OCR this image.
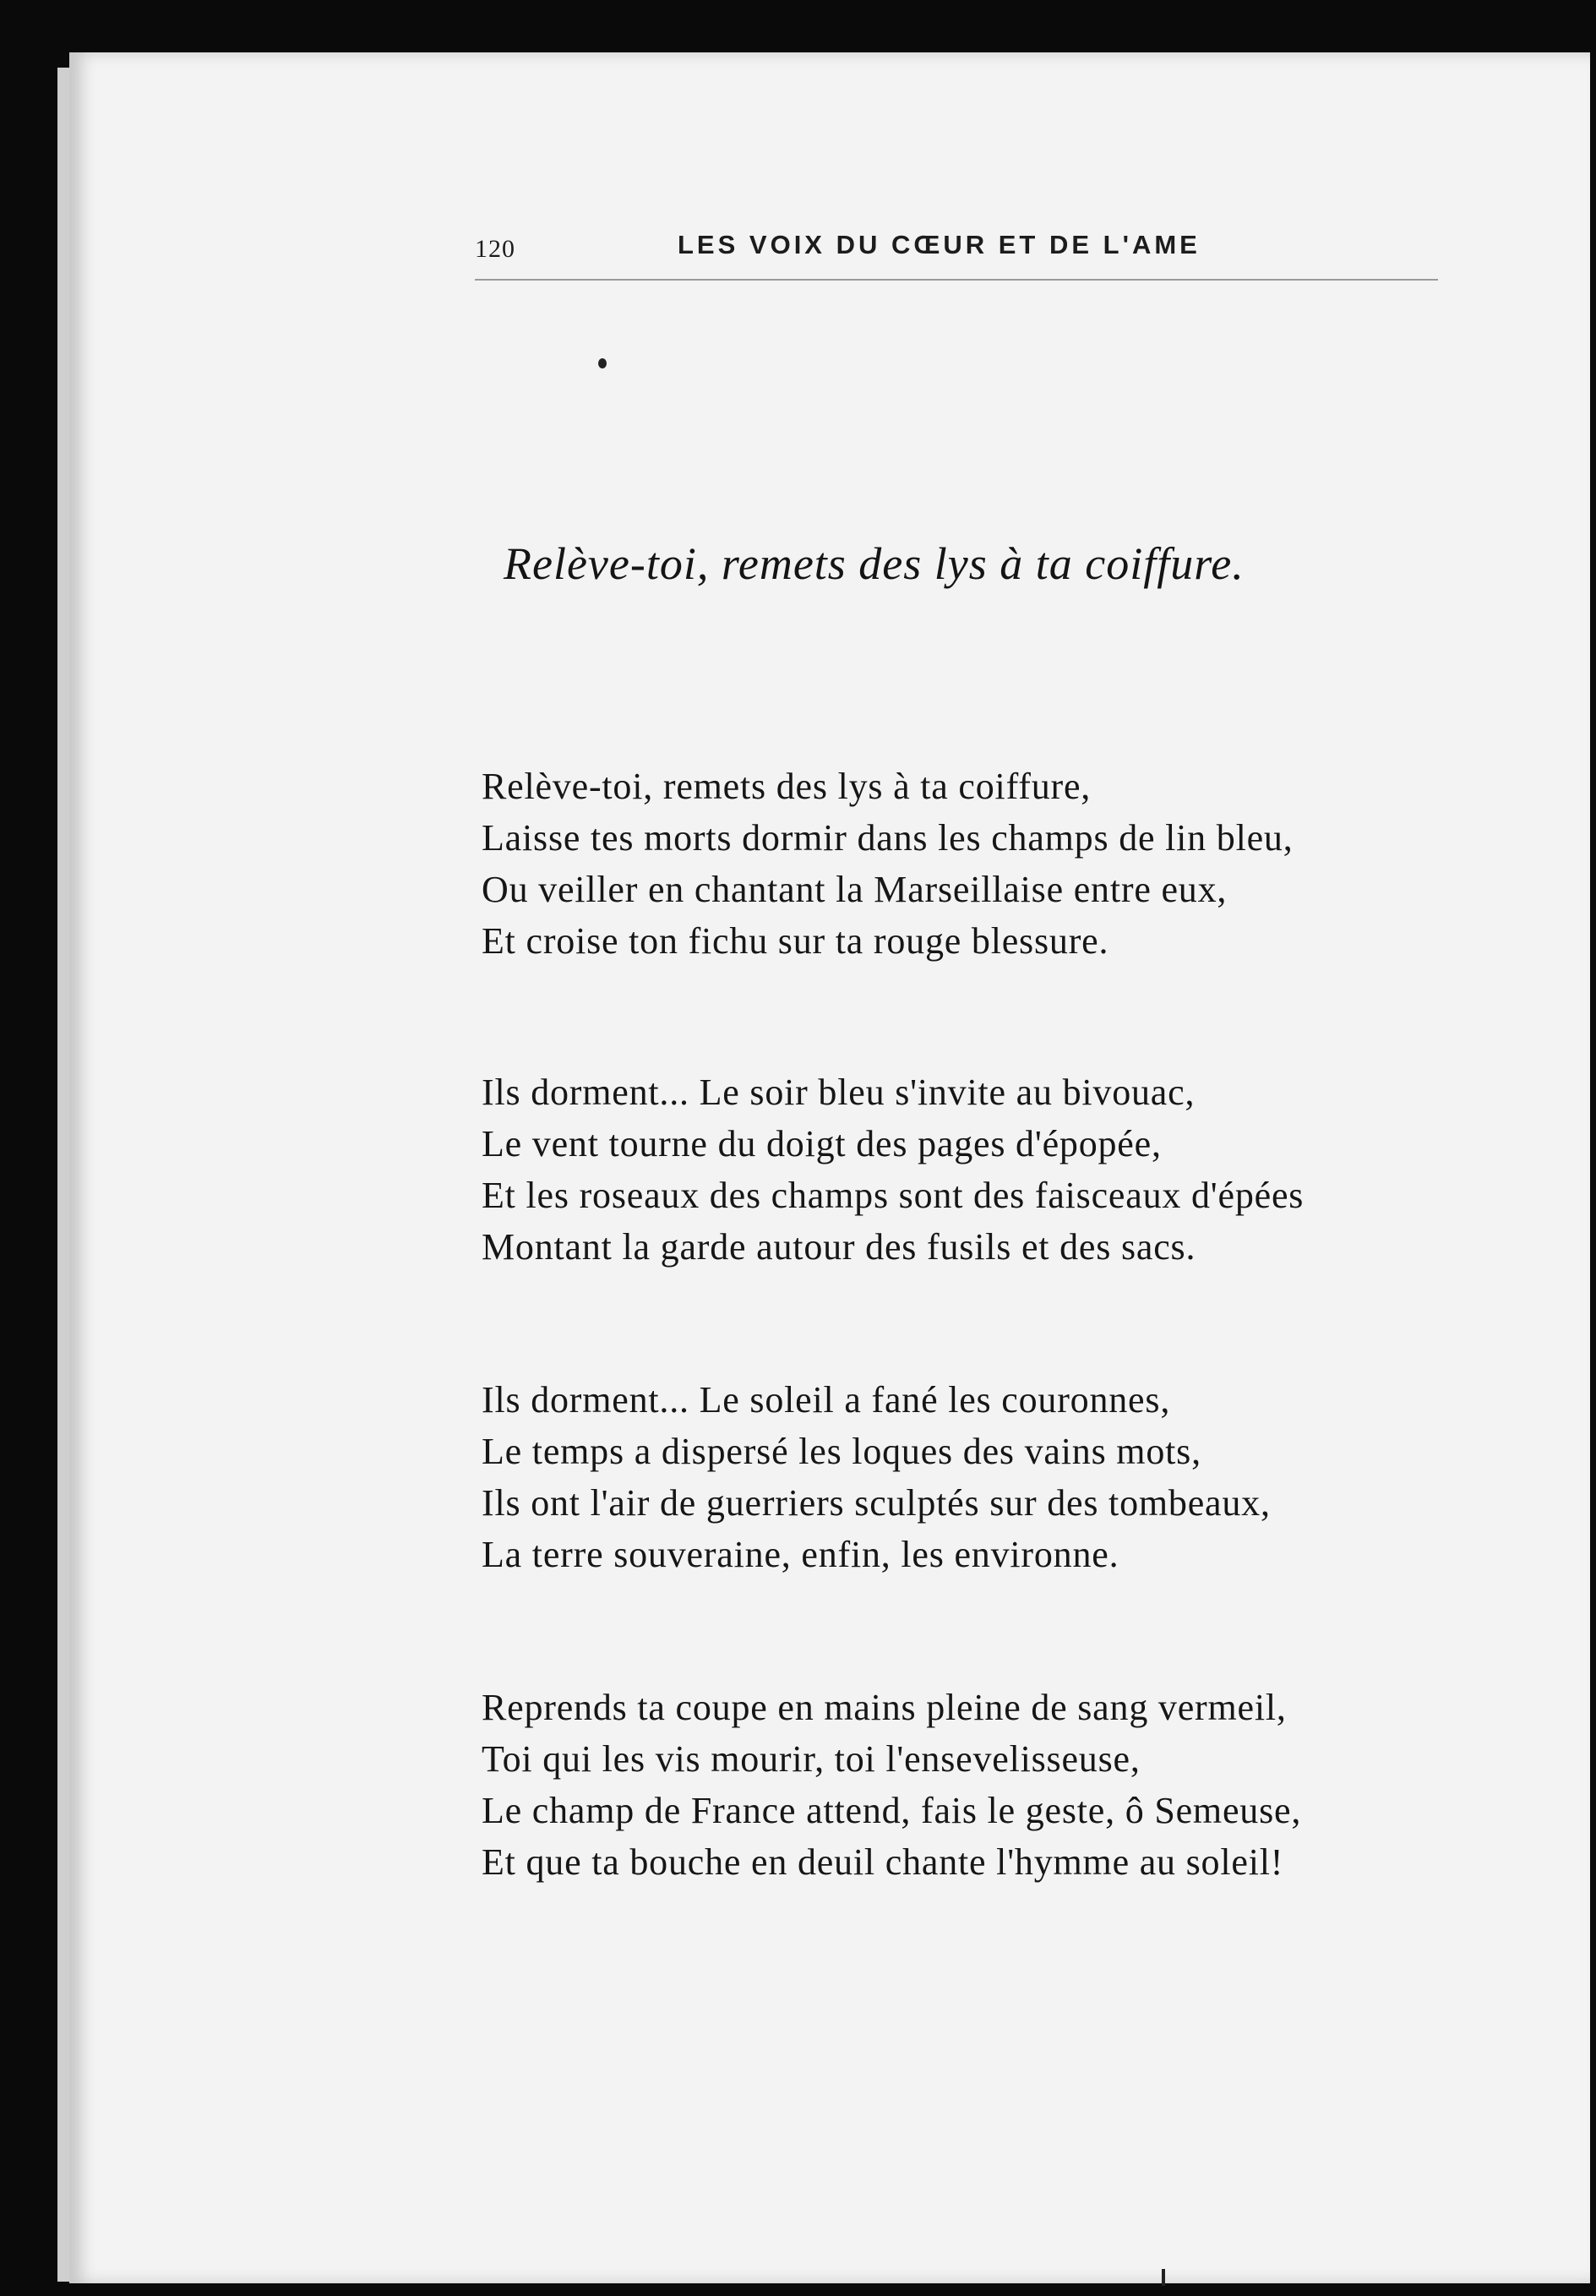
120	LES VOIX DU CŒUR ET DE L'AME
Relève-toi, remets des lys à ta coiffure.
Relève-toi, remets des lys à ta coiffure,
Laisse tes morts dormir dans les champs de lin bleu,
Ou veiller en chantant la Marseillaise entre eux,
Et croise ton fichu sur ta rouge blessure.
Ils dorment... Le soir bleu s'invite au bivouac,
Le vent tourne du doigt des pages d'épopée,
Et les roseaux des champs sont des faisceaux d'épées
Montant la garde autour des fusils et des sacs.
Ils dorment... Le soleil a fané les couronnes,
Le temps a dispersé les loques des vains mots,
Ils ont l'air de guerriers sculptés sur des tombeaux,
La terre souveraine, enfin, les environne.
Reprends ta coupe en mains pleine de sang vermeil,
Toi qui les vis mourir, toi l'ensevelisseuse,
Le champ de France attend, fais le geste, ô Semeuse,
Et que ta bouche en deuil chante l'hymme au soleil!
